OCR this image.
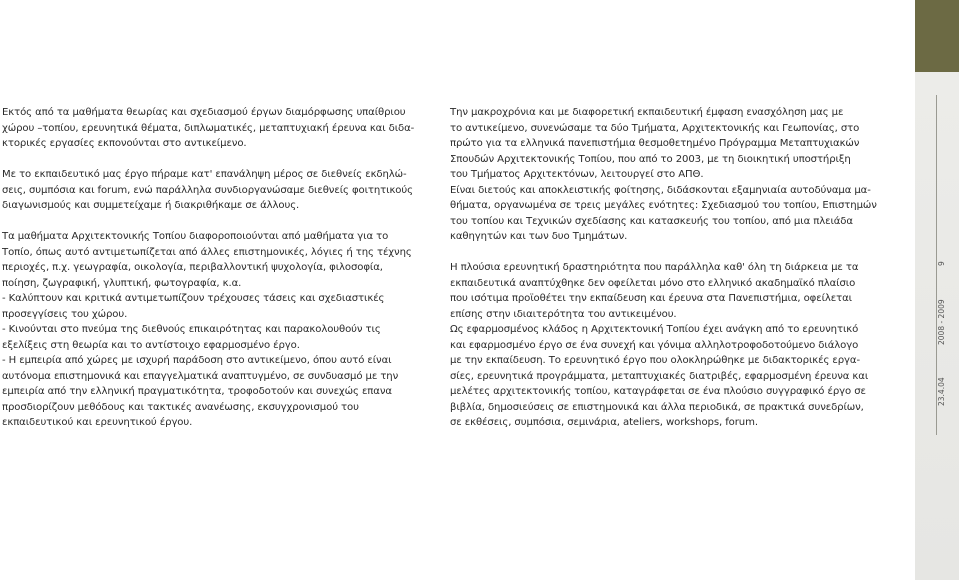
Εκτός από τα μαθήματα θεωρίας και σχεδιασμού έργων διαμόρφωσης υπαίθριου
χώρου –τοπίου, ερευνητικά θέματα, διπλωματικές, μεταπτυχιακή έρευνα και διδα-
κτορικές εργασίες εκπονούνται στο αντικείμενο.

Με το εκπαιδευτικό μας έργο πήραμε κατ' επανάληψη μέρος σε διεθνείς εκδηλώ-
σεις, συμπόσια και forum, ενώ παράλληλα συνδιοργανώσαμε διεθνείς φοιτητικούς
διαγωνισμούς και συμμετείχαμε ή διακριθήκαμε σε άλλους.

Τα μαθήματα Αρχιτεκτονικής Τοπίου διαφοροποιούνται από μαθήματα για το
Τοπίο, όπως αυτό αντιμετωπίζεται από άλλες επιστημονικές, λόγιες ή της τέχνης
περιοχές, π.χ. γεωγραφία, οικολογία, περιβαλλοντική ψυχολογία, φιλοσοφία,
ποίηση, ζωγραφική, γλυπτική, φωτογραφία, κ.α.
- Καλύπτουν και κριτικά αντιμετωπίζουν τρέχουσες τάσεις και σχεδιαστικές
προσεγγίσεις του χώρου.
- Κινούνται στο πνεύμα της διεθνούς επικαιρότητας και παρακολουθούν τις
εξελίξεις στη θεωρία και το αντίστοιχο εφαρμοσμένο έργο.
- Η εμπειρία από χώρες με ισχυρή παράδοση στο αντικείμενο, όπου αυτό είναι
αυτόνομα επιστημονικά και επαγγελματικά αναπτυγμένο, σε συνδυασμό με την
εμπειρία από την ελληνική πραγματικότητα, τροφοδοτούν και συνεχώς επανα
προσδιορίζουν μεθόδους και τακτικές ανανέωσης, εκσυγχρονισμού του
εκπαιδευτικού και ερευνητικού έργου.

Την μακροχρόνια και με διαφορετική εκπαιδευτική έμφαση ενασχόληση μας με
το αντικείμενο, συνενώσαμε τα δύο Τμήματα, Αρχιτεκτονικής και Γεωπονίας, στο
πρώτο για τα ελληνικά πανεπιστήμια θεσμοθετημένο Πρόγραμμα Μεταπτυχιακών
Σπουδών Αρχιτεκτονικής Τοπίου, που από το 2003, με τη διοικητική υποστήριξη
του Τμήματος Αρχιτεκτόνων, λειτουργεί στο ΑΠΘ.
Είναι διετούς και αποκλειστικής φοίτησης, διδάσκονται εξαμηνιαία αυτοδύναμα μα-
θήματα, οργανωμένα σε τρεις μεγάλες ενότητες: Σχεδιασμού του τοπίου, Επιστημών
του τοπίου και Τεχνικών σχεδίασης και κατασκευής του τοπίου, από μια πλειάδα
καθηγητών και των δυο Τμημάτων.

Η πλούσια ερευνητική δραστηριότητα που παράλληλα καθ' όλη τη διάρκεια με τα
εκπαιδευτικά αναπτύχθηκε δεν οφείλεται μόνο στο ελληνικό ακαδημαϊκό πλαίσιο
που ισότιμα προϊοθέτει την εκπαίδευση και έρευνα στα Πανεπιστήμια, οφείλεται
επίσης στην ιδιαιτερότητα του αντικειμένου.
Ως εφαρμοσμένος κλάδος η Αρχιτεκτονική Τοπίου έχει ανάγκη από το ερευνητικό
και εφαρμοσμένο έργο σε ένα συνεχή και γόνιμα αλληλοτροφοδοτούμενο διάλογο
με την εκπαίδευση. Το ερευνητικό έργο που ολοκληρώθηκε με διδακτορικές εργα-
σίες, ερευνητικά προγράμματα, μεταπτυχιακές διατριβές, εφαρμοσμένη έρευνα και
μελέτες αρχιτεκτονικής τοπίου, καταγράφεται σε ένα πλούσιο συγγραφικό έργο σε
βιβλία, δημοσιεύσεις σε επιστημονικά και άλλα περιοδικά, σε πρακτικά συνεδρίων,
σε εκθέσεις, συμπόσια, σεμινάρια, ateliers, workshops, forum.

9
2008 - 2009
23.4.04
